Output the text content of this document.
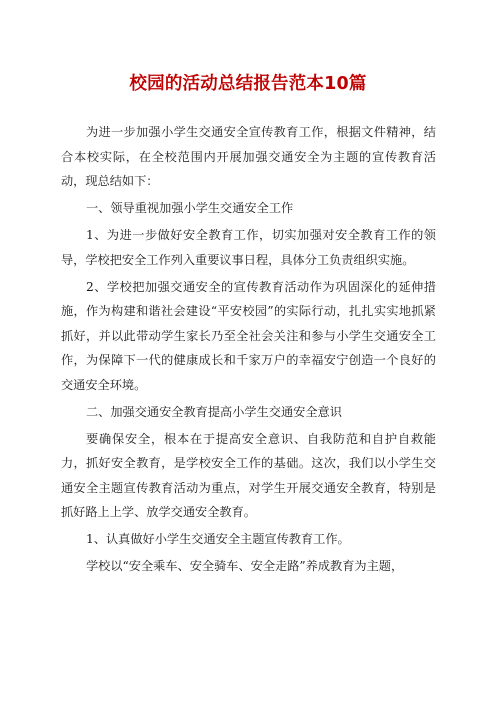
校园的活动总结报告范本10篇

为进一步加强小学生交通安全宣传教育工作，根据文件精神，结合本校实际，在全校范围内开展加强交通安全为主题的宣传教育活动，现总结如下：

一、领导重视加强小学生交通安全工作

1、为进一步做好安全教育工作，切实加强对安全教育工作的领导，学校把安全工作列入重要议事日程，具体分工负责组织实施。

2、学校把加强交通安全的宣传教育活动作为巩固深化的延伸措施，作为构建和谐社会建设“平安校园”的实际行动，扎扎实实地抓紧抓好，并以此带动学生家长乃至全社会关注和参与小学生交通安全工作，为保障下一代的健康成长和千家万户的幸福安宁创造一个良好的交通安全环境。

二、加强交通安全教育提高小学生交通安全意识

要确保安全，根本在于提高安全意识、自我防范和自护自救能力，抓好安全教育，是学校安全工作的基础。这次，我们以小学生交通安全主题宣传教育活动为重点，对学生开展交通安全教育，特别是抓好路上上学、放学交通安全教育。

1、认真做好小学生交通安全主题宣传教育工作。

学校以“安全乘车、安全骑车、安全走路”养成教育为主题，
